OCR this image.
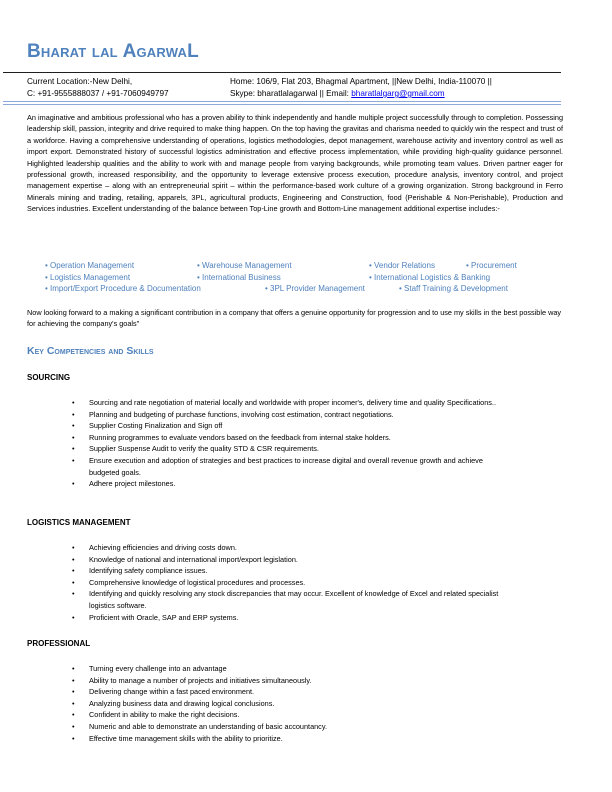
Bharat lal AgarwaL
Current Location:-New Delhi,
C: +91-9555888037 / +91-7060949797
Home: 106/9, Flat 203, Bhagmal Apartment, ||New Delhi, India-110070 ||
Skype: bharatlalagarwal || Email: bharatlalgarg@gmail.com
An imaginative and ambitious professional who has a proven ability to think independently and handle multiple project successfully through to completion. Possessing leadership skill, passion, integrity and drive required to make thing happen. On the top having the gravitas and charisma needed to quickly win the respect and trust of a workforce. Having a comprehensive understanding of operations, logistics methodologies, depot management, warehouse activity and inventory control as well as import export. Demonstrated history of successful logistics administration and effective process implementation, while providing high-quality guidance personnel. Highlighted leadership qualities and the ability to work with and manage people from varying backgrounds, while promoting team values. Driven partner eager for professional growth, increased responsibility, and the opportunity to leverage extensive process execution, procedure analysis, inventory control, and project management expertise – along with an entrepreneurial spirit – within the performance-based work culture of a growing organization. Strong background in Ferro Minerals mining and trading, retailing, apparels, 3PL, agricultural products, Engineering and Construction, food (Perishable & Non-Perishable), Production and Services industries. Excellent understanding of the balance between Top-Line growth and Bottom-Line management additional expertise includes:-
• Operation Management	• Warehouse Management	• Vendor Relations	• Procurement
• Logistics Management	• International Business	• International Logistics & Banking
• Import/Export Procedure & Documentation	• 3PL Provider Management	• Staff Training & Development
Now looking forward to a making a significant contribution in a company that offers a genuine opportunity for progression and to use my skills in the best possible way for achieving the company's goals"
Key Competencies and Skills
SOURCING
• Sourcing and rate negotiation of material locally and worldwide with proper incomer's, delivery time and quality Specifications..
• Planning and budgeting of purchase functions, involving cost estimation, contract negotiations.
• Supplier Costing Finalization and Sign off
• Running programmes to evaluate vendors based on the feedback from internal stake holders.
• Supplier Suspense Audit to verify the quality STD & CSR requirements.
• Ensure execution and adoption of strategies and best practices to increase digital and overall revenue growth and achieve budgeted goals.
• Adhere project milestones.
LOGISTICS MANAGEMENT
• Achieving efficiencies and driving costs down.
• Knowledge of national and international import/export legislation.
• Identifying safety compliance issues.
• Comprehensive knowledge of logistical procedures and processes.
• Identifying and quickly resolving any stock discrepancies that may occur. Excellent of knowledge of Excel and related specialist logistics software.
• Proficient with Oracle, SAP and ERP systems.
PROFESSIONAL
• Turning every challenge into an advantage
• Ability to manage a number of projects and initiatives simultaneously.
• Delivering change within a fast paced environment.
• Analyzing business data and drawing logical conclusions.
• Confident in ability to make the right decisions.
• Numeric and able to demonstrate an understanding of basic accountancy.
• Effective time management skills with the ability to prioritize.
